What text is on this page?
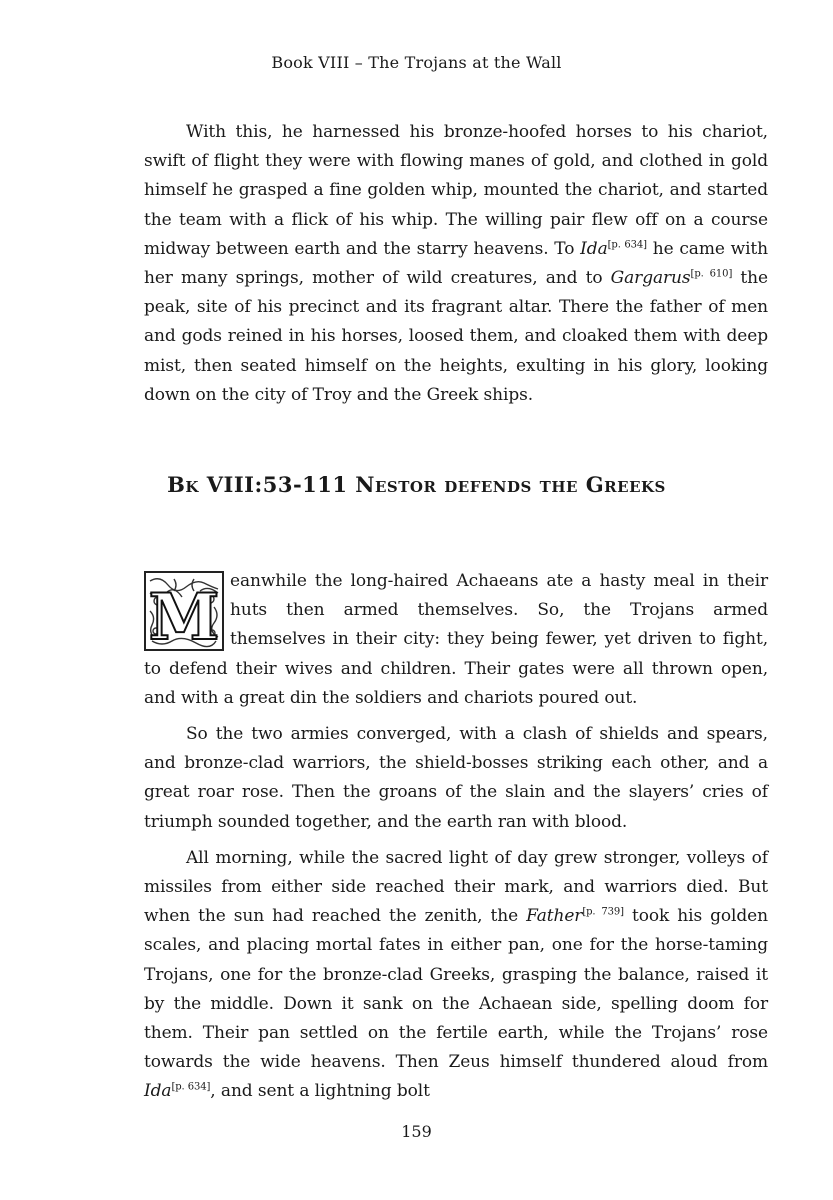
Book VIII – The Trojans at the Wall

With this, he harnessed his bronze-hoofed horses to his chariot, swift of flight they were with flowing manes of gold, and clothed in gold himself he grasped a fine golden whip, mounted the chariot, and started the team with a flick of his whip. The willing pair flew off on a course midway between earth and the starry heavens. To Ida[p. 634] he came with her many springs, mother of wild creatures, and to Gargarus[p. 610] the peak, site of his precinct and its fragrant altar. There the father of men and gods reined in his horses, loosed them, and cloaked them with deep mist, then seated himself on the heights, exulting in his glory, looking down on the city of Troy and the Greek ships.

Bk VIII:53-111 Nestor defends the Greeks

M eanwhile the long-haired Achaeans ate a hasty meal in their huts then armed themselves. So, the Trojans armed themselves in their city: they being fewer, yet driven to fight, to defend their wives and children. Their gates were all thrown open, and with a great din the soldiers and chariots poured out.

So the two armies converged, with a clash of shields and spears, and bronze-clad warriors, the shield-bosses striking each other, and a great roar rose. Then the groans of the slain and the slayers’ cries of triumph sounded together, and the earth ran with blood.

All morning, while the sacred light of day grew stronger, volleys of missiles from either side reached their mark, and warriors died. But when the sun had reached the zenith, the Father[p. 739] took his golden scales, and placing mortal fates in either pan, one for the horse-taming Trojans, one for the bronze-clad Greeks, grasping the balance, raised it by the middle. Down it sank on the Achaean side, spelling doom for them. Their pan settled on the fertile earth, while the Trojans’ rose towards the wide heavens. Then Zeus himself thundered aloud from Ida[p. 634], and sent a lightning bolt

159
